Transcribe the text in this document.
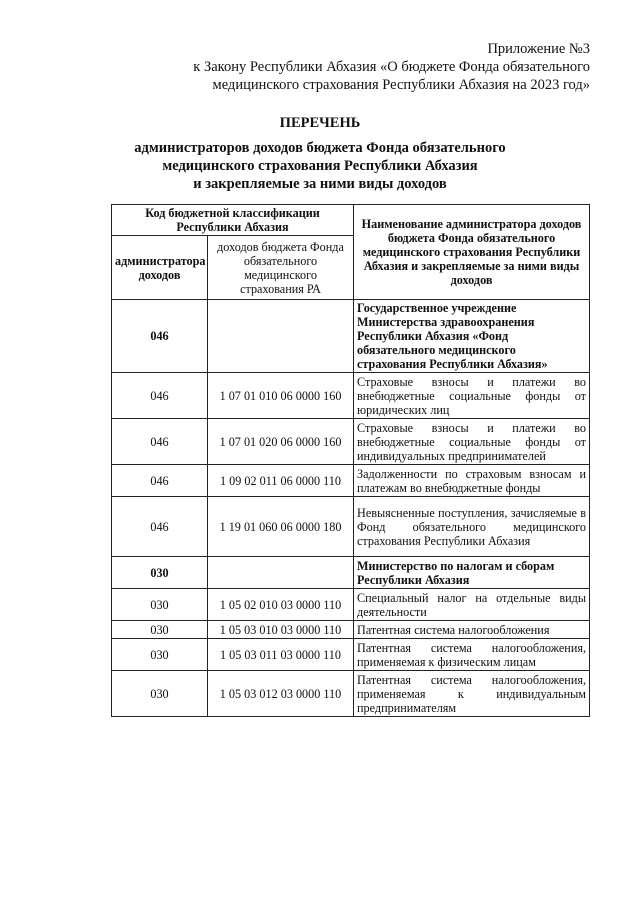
Приложение №3
к Закону Республики Абхазия «О бюджете Фонда обязательного
медицинского страхования Республики Абхазия на 2023 год»
ПЕРЕЧЕНЬ
администраторов доходов бюджета Фонда обязательного
медицинского страхования Республики Абхазия
и закрепляемые за ними виды доходов
Код бюджетной классификации Республики Абхазия		Наименование администратора доходов бюджета Фонда обязательного медицинского страхования Республики Абхазия и закрепляемые за ними виды доходов
администратора доходов	доходов бюджета Фонда обязательного медицинского страхования РА	
046		Государственное учреждение Министерства здравоохранения Республики Абхазия «Фонд обязательного медицинского страхования Республики Абхазия»
046	1 07 01 010 06 0000 160	Страховые взносы и платежи во внебюджетные социальные фонды от юридических лиц
046	1 07 01 020 06 0000 160	Страховые взносы и платежи во внебюджетные социальные фонды от индивидуальных предпринимателей
046	1 09 02 011 06 0000 110	Задолженности по страховым взносам и платежам во внебюджетные фонды
046	1 19 01 060 06 0000 180	Невыясненные поступления, зачисляемые в Фонд обязательного медицинского страхования Республики Абхазия
030		Министерство по налогам и сборам Республики Абхазия
030	1 05 02 010 03 0000 110	Специальный налог на отдельные виды деятельности
030	1 05 03 010 03 0000 110	Патентная система налогообложения
030	1 05 03 011 03 0000 110	Патентная система налогообложения, применяемая к физическим лицам
030	1 05 03 012 03 0000 110	Патентная система налогообложения, применяемая к индивидуальным предпринимателям
